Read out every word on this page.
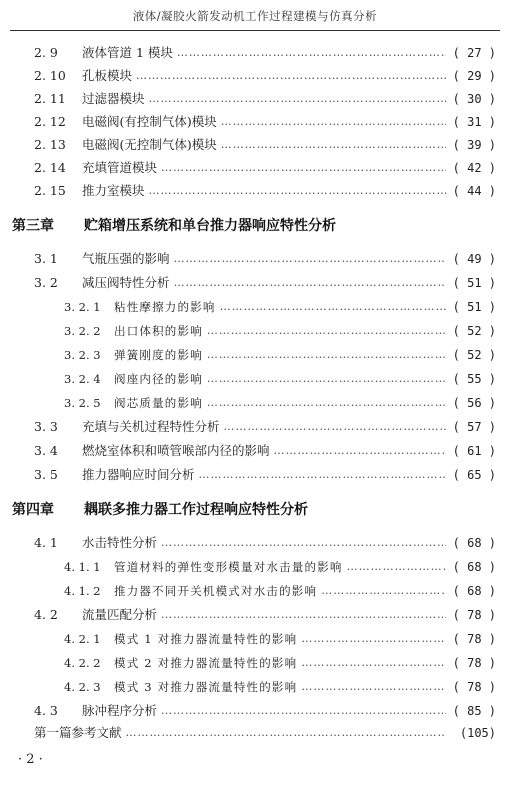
液体/凝胶火箭发动机工作过程建模与仿真分析
2. 9	液体管道 1 模块 …………………………………………………………………………………………………………………………………………………………………………………………………………………………	( 27 )
2. 10	孔板模块 …………………………………………………………………………………………………………………………………………………………………………………………………………………………	( 29 )
2. 11	过滤器模块 …………………………………………………………………………………………………………………………………………………………………………………………………………………………	( 30 )
2. 12	电磁阀(有控制气体)模块 …………………………………………………………………………………………………………………………………………………………………………………………………………………………	( 31 )
2. 13	电磁阀(无控制气体)模块 …………………………………………………………………………………………………………………………………………………………………………………………………………………………	( 39 )
2. 14	充填管道模块 …………………………………………………………………………………………………………………………………………………………………………………………………………………………	( 42 )
2. 15	推力室模块 …………………………………………………………………………………………………………………………………………………………………………………………………………………………	( 44 )
第三章 贮箱增压系统和单台推力器响应特性分析
3. 1	气瓶压强的影响 …………………………………………………………………………………………………………………………………………………………………………………………………………………………	( 49 )
3. 2	减压阀特性分析 …………………………………………………………………………………………………………………………………………………………………………………………………………………………	( 51 )
3. 2. 1	粘性摩擦力的影响 …………………………………………………………………………………………………………………………………………………………………………………………………………………………	( 51 )
3. 2. 2	出口体积的影响 …………………………………………………………………………………………………………………………………………………………………………………………………………………………	( 52 )
3. 2. 3	弹簧刚度的影响 …………………………………………………………………………………………………………………………………………………………………………………………………………………………	( 52 )
3. 2. 4	阀座内径的影响 …………………………………………………………………………………………………………………………………………………………………………………………………………………………	( 55 )
3. 2. 5	阀芯质量的影响 …………………………………………………………………………………………………………………………………………………………………………………………………………………………	( 56 )
3. 3	充填与关机过程特性分析 …………………………………………………………………………………………………………………………………………………………………………………………………………………………	( 57 )
3. 4	燃烧室体积和喷管喉部内径的影响 …………………………………………………………………………………………………………………………………………………………………………………………………………………………	( 61 )
3. 5	推力器响应时间分析 …………………………………………………………………………………………………………………………………………………………………………………………………………………………	( 65 )
第四章 耦联多推力器工作过程响应特性分析
4. 1	水击特性分析 …………………………………………………………………………………………………………………………………………………………………………………………………………………………	( 68 )
4. 1. 1	管道材料的弹性变形模量对水击量的影响 …………………………………………………………………………………………………………………………………………………………………………………………………………………………	( 68 )
4. 1. 2	推力器不同开关机模式对水击的影响 …………………………………………………………………………………………………………………………………………………………………………………………………………………………	( 68 )
4. 2	流量匹配分析 …………………………………………………………………………………………………………………………………………………………………………………………………………………………	( 78 )
4. 2. 1	模式 1 对推力器流量特性的影响 …………………………………………………………………………………………………………………………………………………………………………………………………………………………	( 78 )
4. 2. 2	模式 2 对推力器流量特性的影响 …………………………………………………………………………………………………………………………………………………………………………………………………………………………	( 78 )
4. 2. 3	模式 3 对推力器流量特性的影响 …………………………………………………………………………………………………………………………………………………………………………………………………………………………	( 78 )
4. 3	脉冲程序分析 …………………………………………………………………………………………………………………………………………………………………………………………………………………………	( 85 )
第一篇参考文献 …………………………………………………………………………………………………………………………………………………………………………………………………………………………	(105)
· 2 ·
